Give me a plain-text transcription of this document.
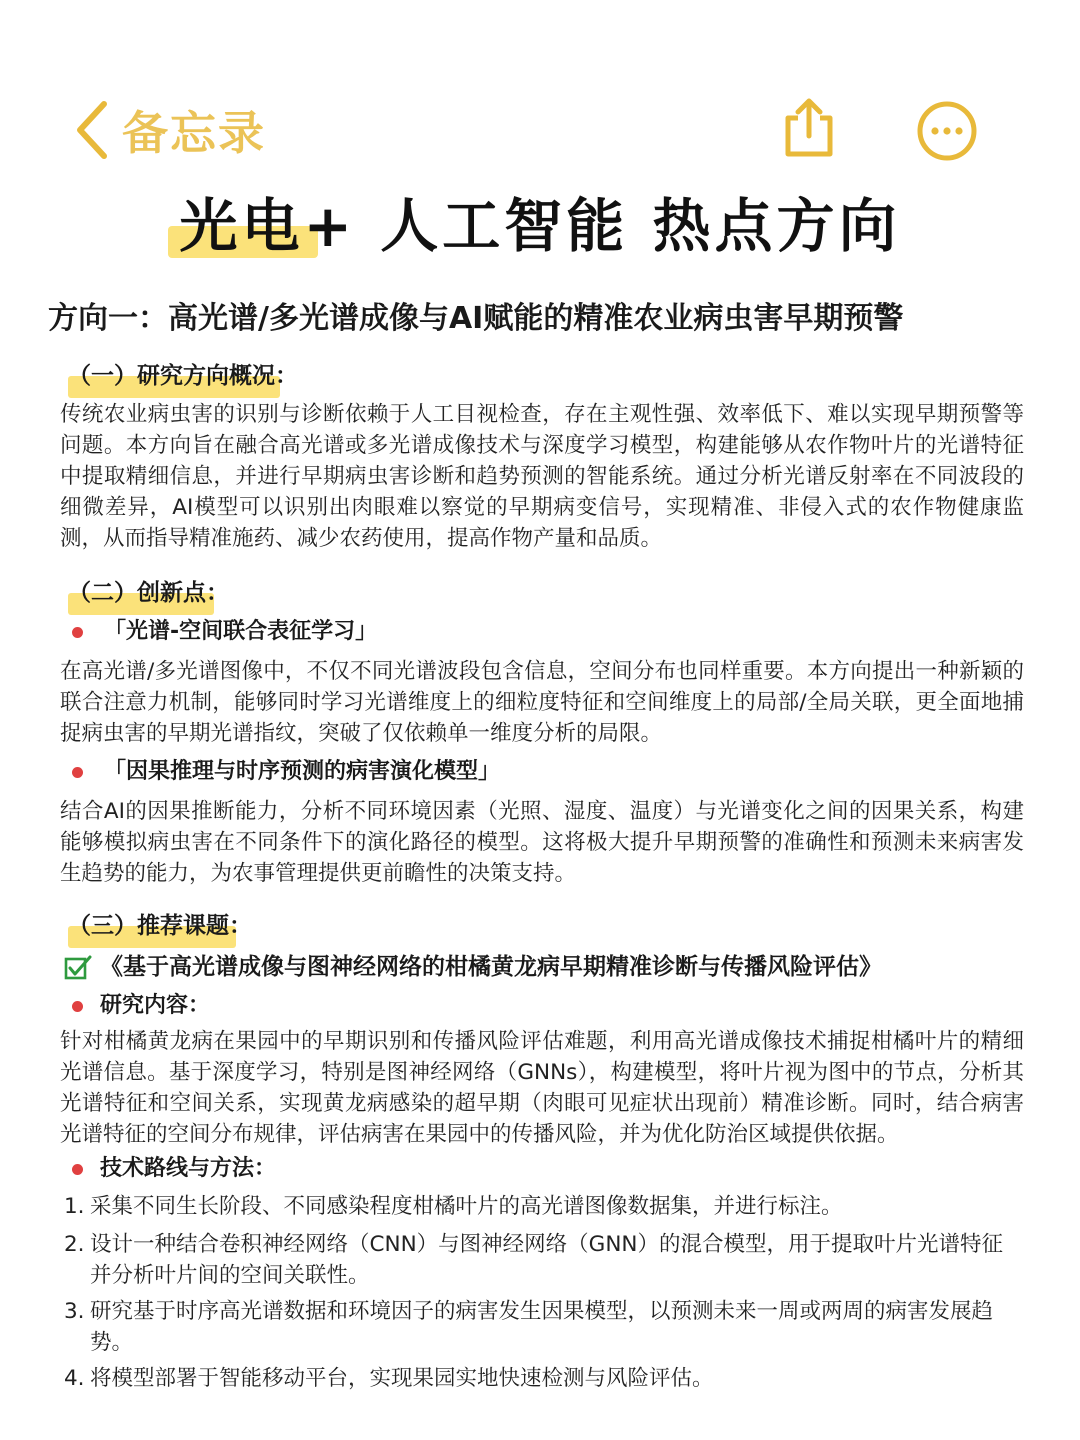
备忘录
光电+ 人工智能 热点方向
方向一：高光谱/多光谱成像与AI赋能的精准农业病虫害早期预警
（一）研究方向概况：
传统农业病虫害的识别与诊断依赖于人工目视检查，存在主观性强、效率低下、难以实现早期预警等问题。本方向旨在融合高光谱或多光谱成像技术与深度学习模型，构建能够从农作物叶片的光谱特征中提取精细信息，并进行早期病虫害诊断和趋势预测的智能系统。通过分析光谱反射率在不同波段的细微差异，AI模型可以识别出肉眼难以察觉的早期病变信号，实现精准、非侵入式的农作物健康监测，从而指导精准施药、减少农药使用，提高作物产量和品质。
（二）创新点：
「光谱-空间联合表征学习」
在高光谱/多光谱图像中，不仅不同光谱波段包含信息，空间分布也同样重要。本方向提出一种新颖的联合注意力机制，能够同时学习光谱维度上的细粒度特征和空间维度上的局部/全局关联，更全面地捕捉病虫害的早期光谱指纹，突破了仅依赖单一维度分析的局限。
「因果推理与时序预测的病害演化模型」
结合AI的因果推断能力，分析不同环境因素（光照、湿度、温度）与光谱变化之间的因果关系，构建能够模拟病虫害在不同条件下的演化路径的模型。这将极大提升早期预警的准确性和预测未来病害发生趋势的能力，为农事管理提供更前瞻性的决策支持。
（三）推荐课题：
《基于高光谱成像与图神经网络的柑橘黄龙病早期精准诊断与传播风险评估》
研究内容：
针对柑橘黄龙病在果园中的早期识别和传播风险评估难题，利用高光谱成像技术捕捉柑橘叶片的精细光谱信息。基于深度学习，特别是图神经网络（GNNs），构建模型，将叶片视为图中的节点，分析其光谱特征和空间关系，实现黄龙病感染的超早期（肉眼可见症状出现前）精准诊断。同时，结合病害光谱特征的空间分布规律，评估病害在果园中的传播风险，并为优化防治区域提供依据。
技术路线与方法：
1. 采集不同生长阶段、不同感染程度柑橘叶片的高光谱图像数据集，并进行标注。
2. 设计一种结合卷积神经网络（CNN）与图神经网络（GNN）的混合模型，用于提取叶片光谱特征并分析叶片间的空间关联性。
3. 研究基于时序高光谱数据和环境因子的病害发生因果模型，以预测未来一周或两周的病害发展趋势。
4. 将模型部署于智能移动平台，实现果园实地快速检测与风险评估。
